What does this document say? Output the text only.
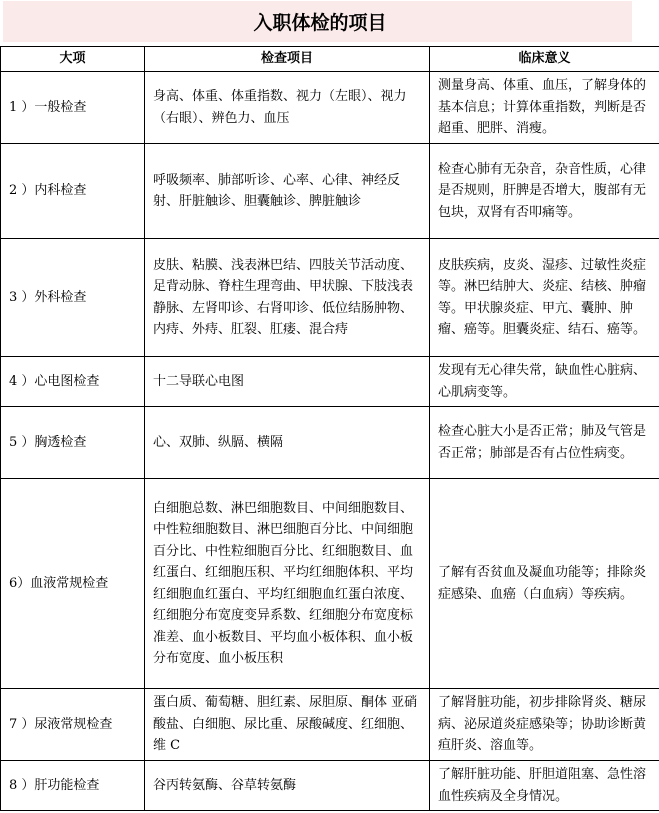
入职体检的项目
大项	检查项目	临床意义
1 ）一般检查	身高、体重、体重指数、视力（左眼）、视力（右眼）、辨色力、血压	测量身高、体重、血压，了解身体的基本信息；计算体重指数，判断是否超重、肥胖、消瘦。
2 ）内科检查	呼吸频率、肺部听诊、心率、心律、神经反射、肝脏触诊、胆囊触诊、脾脏触诊	检查心肺有无杂音，杂音性质，心律是否规则，肝脾是否增大，腹部有无包块，双肾有否叩痛等。
3 ）外科检查	皮肤、粘膜、浅表淋巴结、四肢关节活动度、足背动脉、脊柱生理弯曲、甲状腺、下肢浅表静脉、左肾叩诊、右肾叩诊、低位结肠肿物、内痔、外痔、肛裂、肛瘘、混合痔	皮肤疾病，皮炎、湿疹、过敏性炎症等。淋巴结肿大、炎症、结核、肿瘤等。甲状腺炎症、甲亢、囊肿、肿瘤、癌等。胆囊炎症、结石、癌等。
4 ）心电图检查	十二导联心电图	发现有无心律失常，缺血性心脏病、心肌病变等。
5 ）胸透检查	心、双肺、纵膈、横隔	检查心脏大小是否正常；肺及气管是否正常；肺部是否有占位性病变。
6）血液常规检查	白细胞总数、淋巴细胞数目、中间细胞数目、中性粒细胞数目、淋巴细胞百分比、中间细胞百分比、中性粒细胞百分比、红细胞数目、血红蛋白、红细胞压积、平均红细胞体积、平均红细胞血红蛋白、平均红细胞血红蛋白浓度、红细胞分布宽度变异系数、红细胞分布宽度标准差、血小板数目、平均血小板体积、血小板分布宽度、血小板压积	了解有否贫血及凝血功能等；排除炎症感染、血癌（白血病）等疾病。
7 ）尿液常规检查	蛋白质、葡萄糖、胆红素、尿胆原、酮体 亚硝酸盐、白细胞、尿比重、尿酸碱度、红细胞、维 C	了解肾脏功能，初步排除肾炎、糖尿病、泌尿道炎症感染等；协助诊断黄疸肝炎、溶血等。
8 ）肝功能检查	谷丙转氨酶、谷草转氨酶	了解肝脏功能、肝胆道阻塞、急性溶血性疾病及全身情况。
